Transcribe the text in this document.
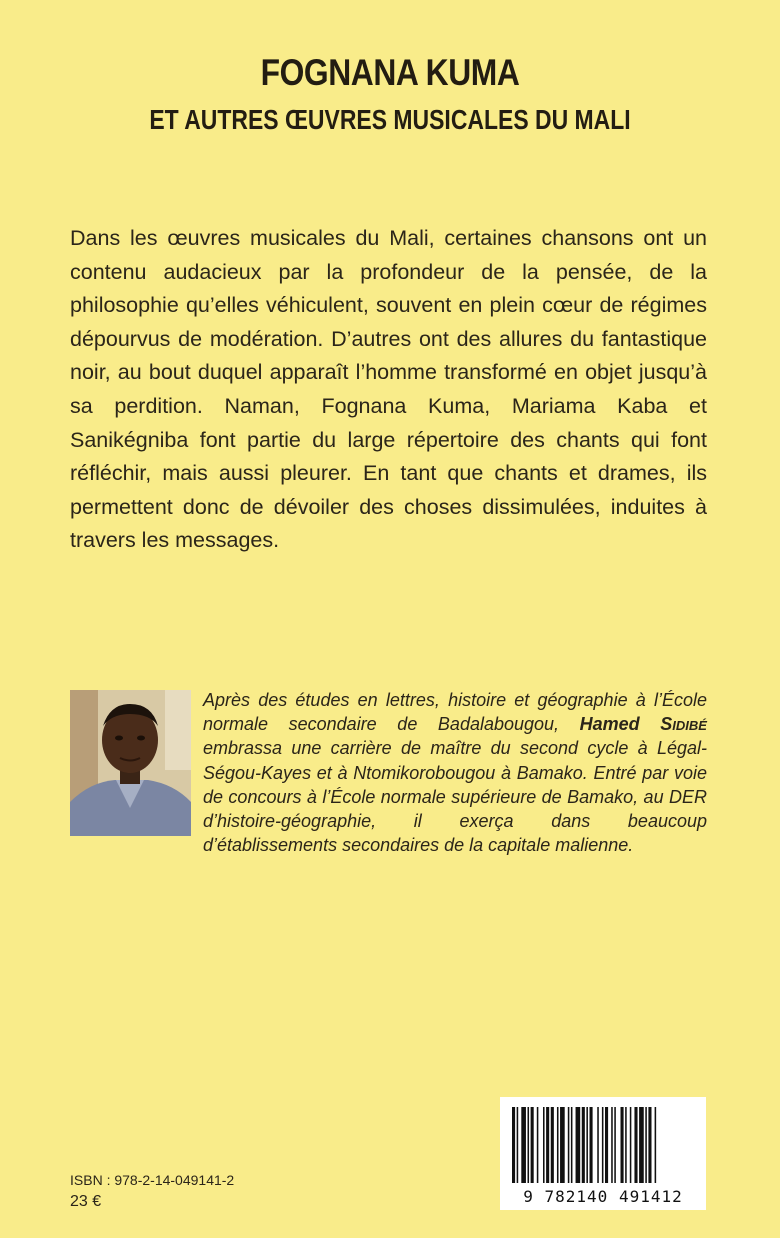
FOGNANA KUMA
ET AUTRES ŒUVRES MUSICALES DU MALI
Dans les œuvres musicales du Mali, certaines chansons ont un contenu audacieux par la profondeur de la pensée, de la philosophie qu’elles véhiculent, souvent en plein cœur de régimes dépourvus de modération. D’autres ont des allures du fantastique noir, au bout duquel apparaît l’homme transformé en objet jusqu’à sa perdition. Naman, Fognana Kuma, Mariama Kaba et Sanikégniba font partie du large répertoire des chants qui font réfléchir, mais aussi pleurer. En tant que chants et drames, ils permettent donc de dévoiler des choses dissimulées, induites à travers les messages.
Après des études en lettres, histoire et géographie à l’École normale secondaire de Badalabougou, Hamed Sidibé embrassa une carrière de maître du second cycle à Légal-Ségou-Kayes et à Ntomikorobougou à Bamako. Entré par voie de concours à l’École normale supérieure de Bamako, au DER d’histoire-géographie, il exerça dans beaucoup d’établissements secondaires de la capitale malienne.
ISBN : 978-2-14-049141-2
23 €	9 782140 491412
